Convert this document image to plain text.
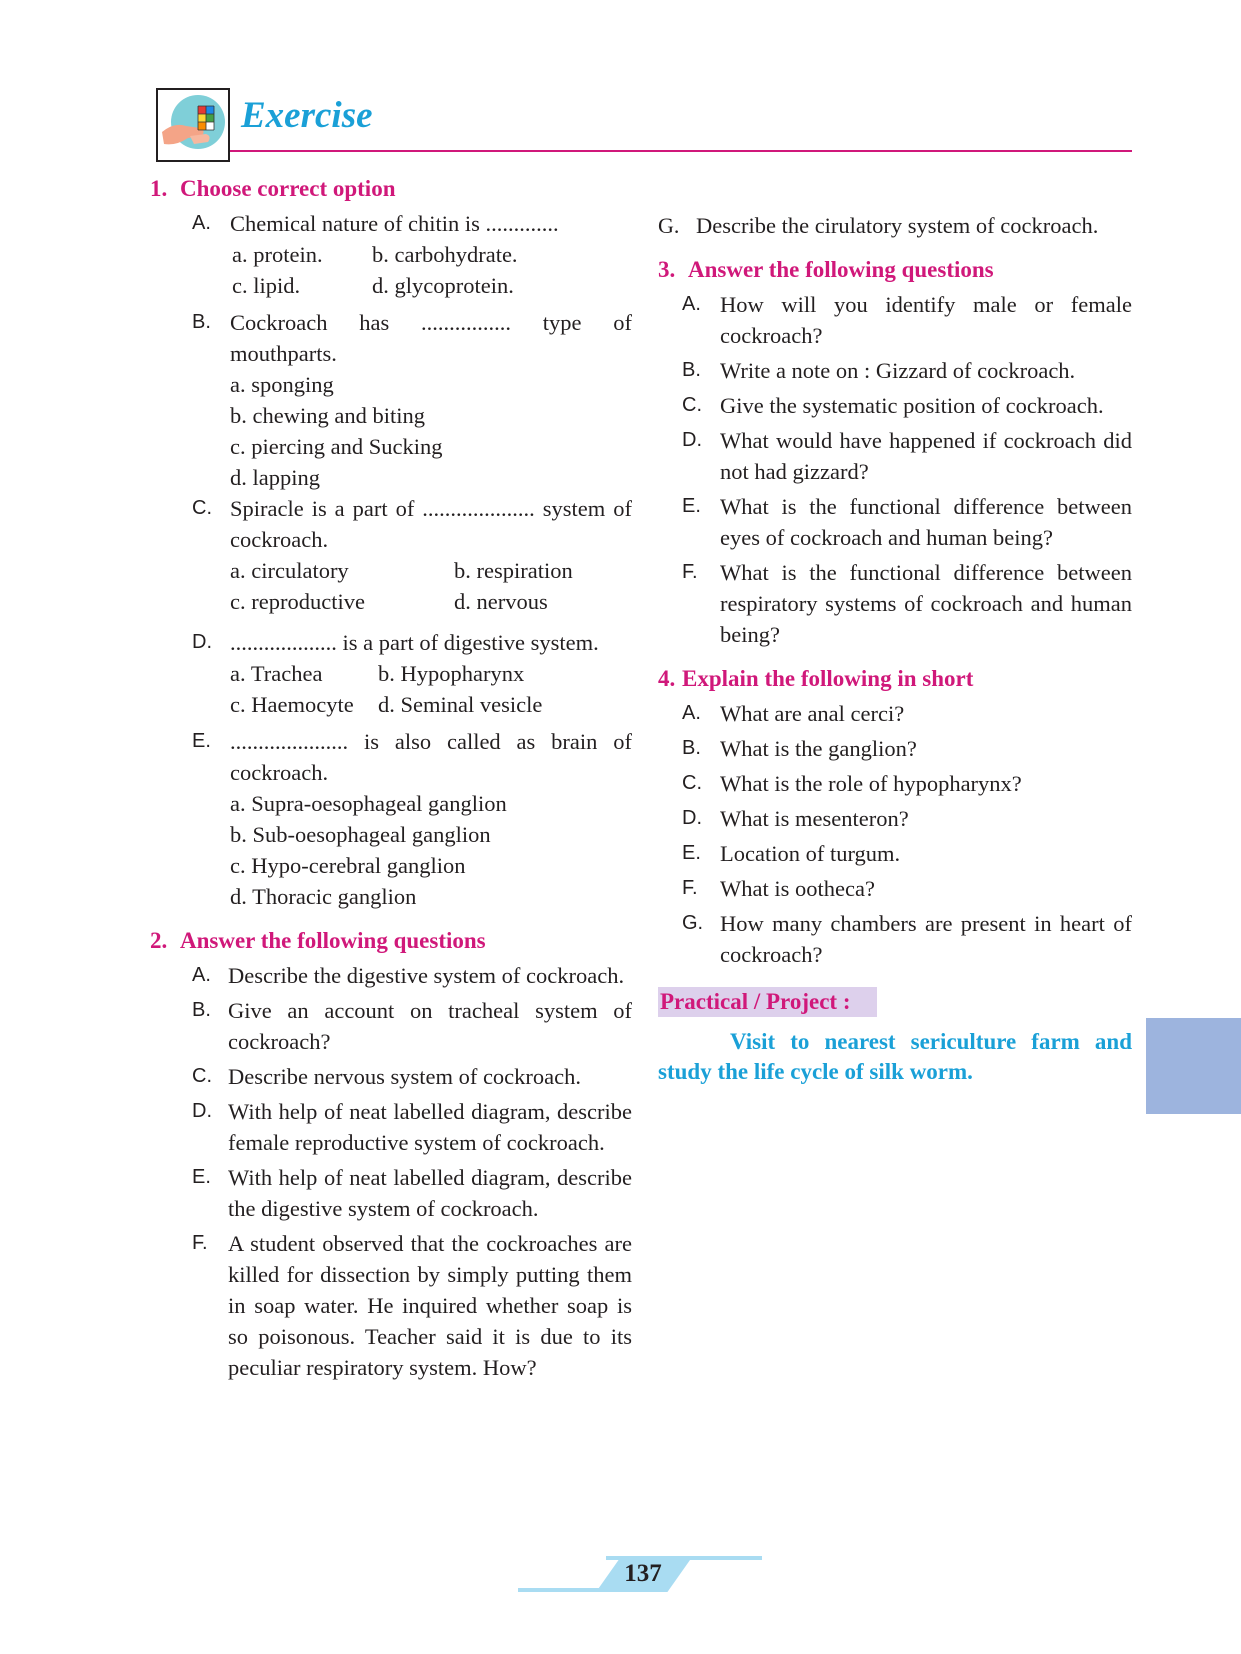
Exercise
1. Choose correct option
A. Chemical nature of chitin is .............
a. protein.	b. carbohydrate.
c. lipid.	d. glycoprotein.
B. Cockroach has ................ type of mouthparts.
a. sponging
b. chewing and biting
c. piercing and Sucking
d. lapping
C. Spiracle is a part of .................... system of cockroach.
a. circulatory	b. respiration
c. reproductive	d. nervous
D. ................... is a part of digestive system.
a. Trachea	b. Hypopharynx
c. Haemocyte	d. Seminal vesicle
E. ..................... is also called as brain of cockroach.
a. Supra-oesophageal ganglion
b. Sub-oesophageal ganglion
c. Hypo-cerebral ganglion
d. Thoracic ganglion
2. Answer the following questions
A. Describe the digestive system of cockroach.
B. Give an account on tracheal system of cockroach?
C. Describe nervous system of cockroach.
D. With help of neat labelled diagram, describe female reproductive system of cockroach.
E. With help of neat labelled diagram, describe the digestive system of cockroach.
F. A student observed that the cockroaches are killed for dissection by simply putting them in soap water. He inquired whether soap is so poisonous. Teacher said it is due to its peculiar respiratory system. How?
G. Describe the cirulatory system of cockroach.
3. Answer the following questions
A. How will you identify male or female cockroach?
B. Write a note on : Gizzard of cockroach.
C. Give the systematic position of cockroach.
D. What would have happened if cockroach did not had gizzard?
E. What is the functional difference between eyes of cockroach and human being?
F. What is the functional difference between respiratory systems of cockroach and human being?
4. Explain the following in short
A. What are anal cerci?
B. What is the ganglion?
C. What is the role of hypopharynx?
D. What is mesenteron?
E. Location of turgum.
F. What is ootheca?
G. How many chambers are present in heart of cockroach?
Practical / Project :
Visit to nearest sericulture farm and study the life cycle of silk worm.
137
